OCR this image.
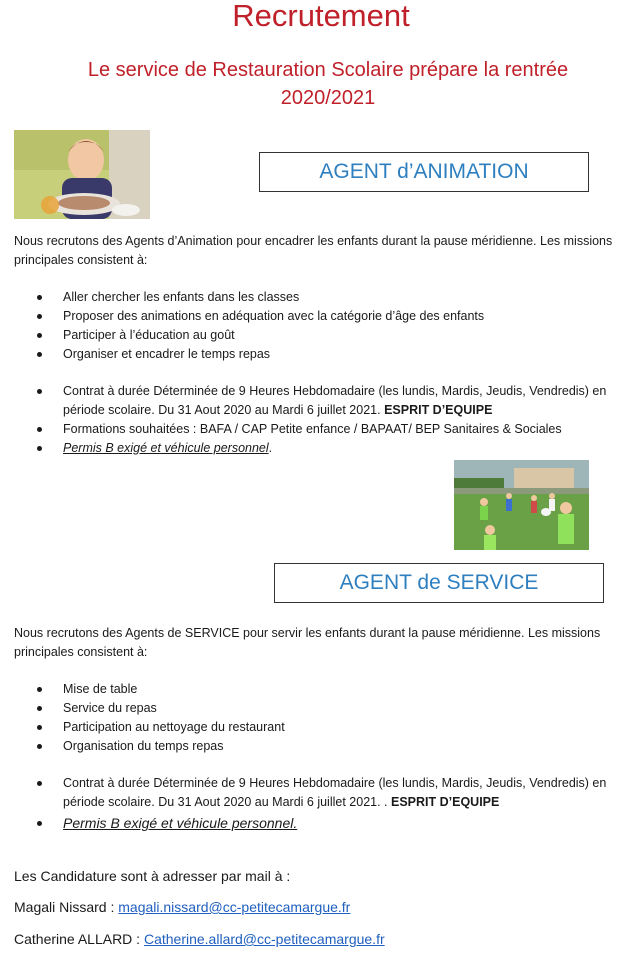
Recrutement
Le service de Restauration Scolaire prépare la rentrée 2020/2021
AGENT d’ANIMATION
Nous recrutons des Agents d’Animation pour encadrer les enfants durant la pause méridienne. Les missions principales consistent à:
Aller chercher les enfants dans les classes
Proposer des animations en adéquation avec la catégorie d’âge des enfants
Participer à l’éducation au goût
Organiser et encadrer le temps repas
Contrat à durée Déterminée de 9 Heures Hebdomadaire (les lundis, Mardis, Jeudis, Vendredis) en période scolaire. Du 31 Aout 2020 au Mardi 6 juillet 2021. ESPRIT D’EQUIPE
Formations souhaitées : BAFA / CAP Petite enfance / BAPAAT/ BEP Sanitaires & Sociales
Permis B exigé et véhicule personnel.
AGENT de SERVICE
Nous recrutons des Agents de SERVICE pour servir les enfants durant la pause méridienne. Les missions principales consistent à:
Mise de table
Service du repas
Participation au nettoyage du restaurant
Organisation du temps repas
Contrat à durée Déterminée de 9 Heures Hebdomadaire (les lundis, Mardis, Jeudis, Vendredis) en période scolaire. Du 31 Aout 2020 au Mardi 6 juillet 2021. . ESPRIT D’EQUIPE
Permis B exigé et véhicule personnel.
Les Candidature sont à adresser par mail à :
Magali Nissard : magali.nissard@cc-petitecamargue.fr
Catherine ALLARD : Catherine.allard@cc-petitecamargue.fr
